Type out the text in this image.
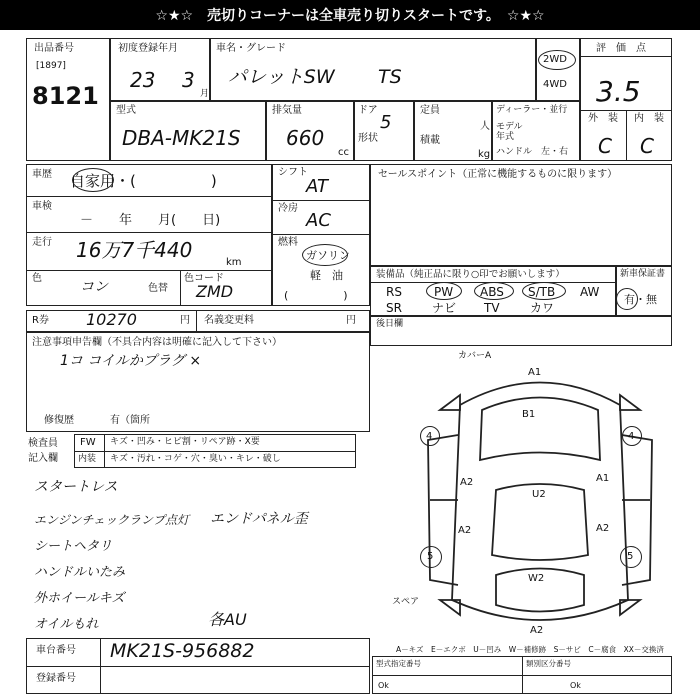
☆★☆　売切りコーナーは全車売り切りスタートです。　☆★☆
出品番号
[1897]
8121
初度登録年月
23 3
月
車名・グレード
パレットSW TS
2WD
4WD
評　価　点
3.5
外　装 内　装
C C
型式
DBA-MK21S
排気量
660
cc
ドア
5
形状
定員
人
積載
kg
ディーラー・並行
モデル年式
ハンドル　左・右
車歴 自家用・(　　　　　)
車検
－　　年　　月(　　日)
走行 16万7千440
km
色
コン	色替
色コード
ZMD
シフト
AT
冷房
AC
燃料
ガソリン
軽　油
(　　　　　)
セールスポイント（正常に機能するものに限ります）
装備品（純正品に限り○印でお願いします）
RS	PW ABS S/TB AW
SR	ナビ TV	カワ
新車保証書
有・無
R券 10270	円 名義変更料	円 後日欄
注意事項申告欄（不具合内容は明確に記入して下さい）
1コ コイルかプラグ ×
修復歴	有（箇所
検査員
記入欄
FW キズ・凹み・ヒビ割・リペア跡・X要
内装 キズ・汚れ・コゲ・穴・臭い・キレ・破し
スタートレス
エンジンチェックランプ点灯 エンドパネル歪
シートヘタリ
ハンドルいたみ
外ホイールキズ
オイルもれ	各AU
車台番号 MK21S-956882
登録番号
カバーA
A1
B1
A2
U2
A1
A2	A2
W2
A2
4	4
5	5
スペア
A－キズ　E－エクボ　U－凹み　W－補修跡　S－サビ　C－腐食　XX－交換済
型式指定番号	類別区分番号
Ok	Ok
